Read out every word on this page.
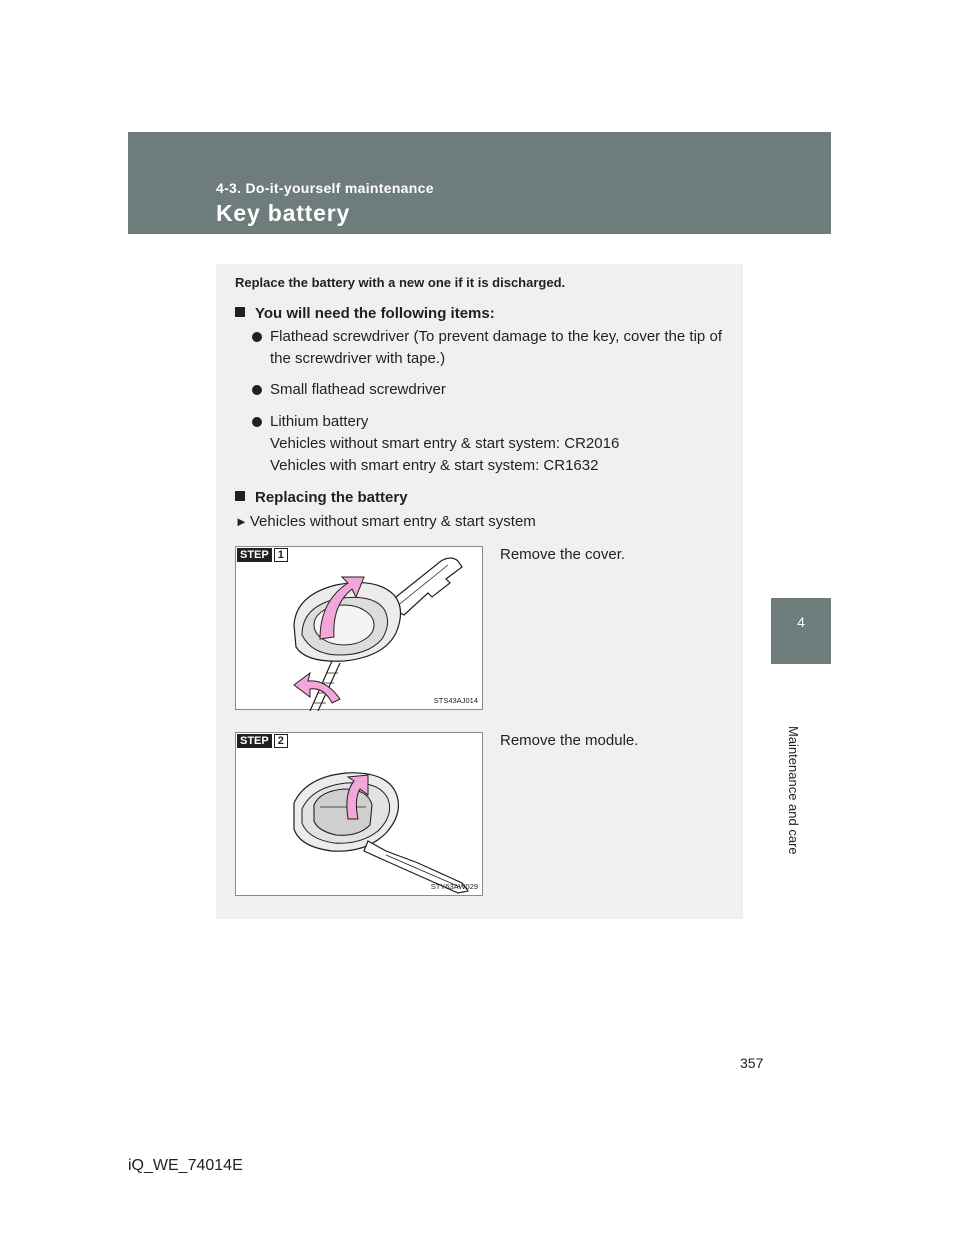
4-3. Do-it-yourself maintenance
Key battery
4
Maintenance and care
Replace the battery with a new one if it is discharged.
You will need the following items:
Flathead screwdriver (To prevent damage to the key, cover the tip of the screwdriver with tape.)
Small flathead screwdriver
Lithium battery
Vehicles without smart entry & start system: CR2016
Vehicles with smart entry & start system: CR1632
Replacing the battery
► Vehicles without smart entry & start system
STEP 1
STS43AJ014
Remove the cover.
STEP 2
STY63AW029
Remove the module.
357
iQ_WE_74014E
